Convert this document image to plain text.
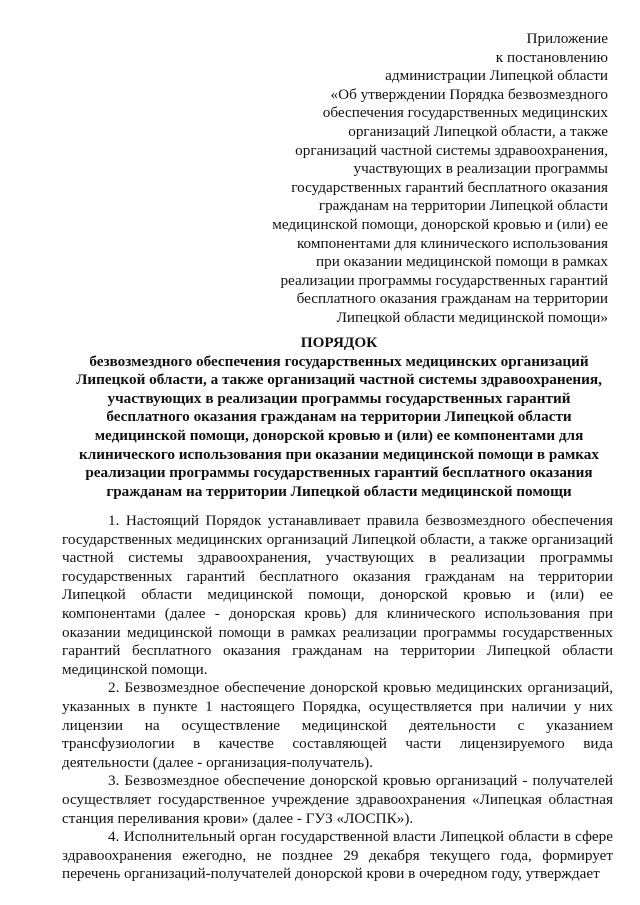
Приложение
к постановлению
администрации Липецкой области
«Об утверждении Порядка безвозмездного
обеспечения государственных медицинских
организаций Липецкой области, а также
организаций частной системы здравоохранения,
участвующих в реализации программы
государственных гарантий бесплатного оказания
гражданам на территории Липецкой области
медицинской помощи, донорской кровью и (или) ее
компонентами для клинического использования
при оказании медицинской помощи в рамках
реализации программы государственных гарантий
бесплатного оказания гражданам на территории
Липецкой области медицинской помощи»
ПОРЯДОК
безвозмездного обеспечения государственных медицинских организаций
Липецкой области, а также организаций частной системы здравоохранения,
участвующих в реализации программы государственных гарантий
бесплатного оказания гражданам на территории Липецкой области
медицинской помощи, донорской кровью и (или) ее компонентами для
клинического использования при оказании медицинской помощи в рамках
реализации программы государственных гарантий бесплатного оказания
гражданам на территории Липецкой области медицинской помощи

1. Настоящий Порядок устанавливает правила безвозмездного обеспечения государственных медицинских организаций Липецкой области, а также организаций частной системы здравоохранения, участвующих в реализации программы государственных гарантий бесплатного оказания гражданам на территории Липецкой области медицинской помощи, донорской кровью и (или) ее компонентами (далее - донорская кровь) для клинического использования при оказании медицинской помощи в рамках реализации программы государственных гарантий бесплатного оказания гражданам на территории Липецкой области медицинской помощи.

2. Безвозмездное обеспечение донорской кровью медицинских организаций, указанных в пункте 1 настоящего Порядка, осуществляется при наличии у них лицензии на осуществление медицинской деятельности с указанием трансфузиологии в качестве составляющей части лицензируемого вида деятельности (далее - организация-получатель).

3. Безвозмездное обеспечение донорской кровью организаций - получателей осуществляет государственное учреждение здравоохранения «Липецкая областная станция переливания крови» (далее - ГУЗ «ЛОСПК»).

4. Исполнительный орган государственной власти Липецкой области в сфере здравоохранения ежегодно, не позднее 29 декабря текущего года, формирует перечень организаций-получателей донорской крови в очередном году, утверждает
